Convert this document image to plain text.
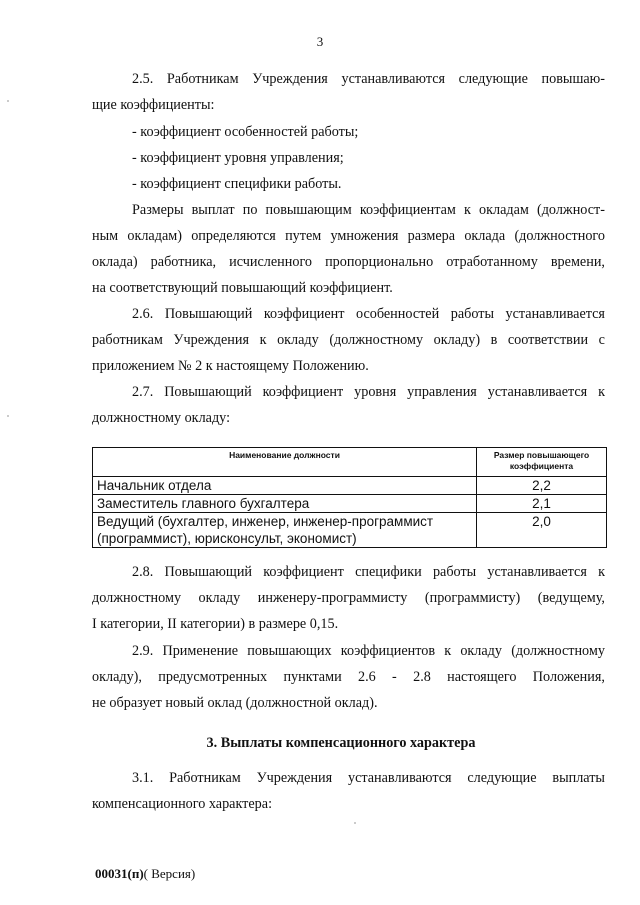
3
2.5. Работникам Учреждения устанавливаются следующие повышаю-
щие коэффициенты:
- коэффициент особенностей работы;
- коэффициент уровня управления;
- коэффициент специфики работы.
Размеры выплат по повышающим коэффициентам к окладам (должност-
ным окладам) определяются путем умножения размера оклада (должностного
оклада) работника, исчисленного пропорционально отработанному времени,
на соответствующий повышающий коэффициент.
2.6. Повышающий коэффициент особенностей работы устанавливается
работникам Учреждения к окладу (должностному окладу) в соответствии с
приложением № 2 к настоящему Положению.
2.7. Повышающий коэффициент уровня управления устанавливается к
должностному окладу:
Наименование должности	Размер повышающего коэффициента
Начальник отдела	2,2
Заместитель главного бухгалтера	2,1
Ведущий (бухгалтер, инженер, инженер-программист (программист), юрисконсульт, экономист)	2,0
2.8. Повышающий коэффициент специфики работы устанавливается к
должностному окладу инженеру-программисту (программисту) (ведущему,
I категории, II категории) в размере 0,15.
2.9. Применение повышающих коэффициентов к окладу (должностному
окладу), предусмотренных пунктами 2.6 - 2.8 настоящего Положения,
не образует новый оклад (должностной оклад).
3. Выплаты компенсационного характера
3.1. Работникам Учреждения устанавливаются следующие выплаты
компенсационного характера:
00031(п)( Версия)
